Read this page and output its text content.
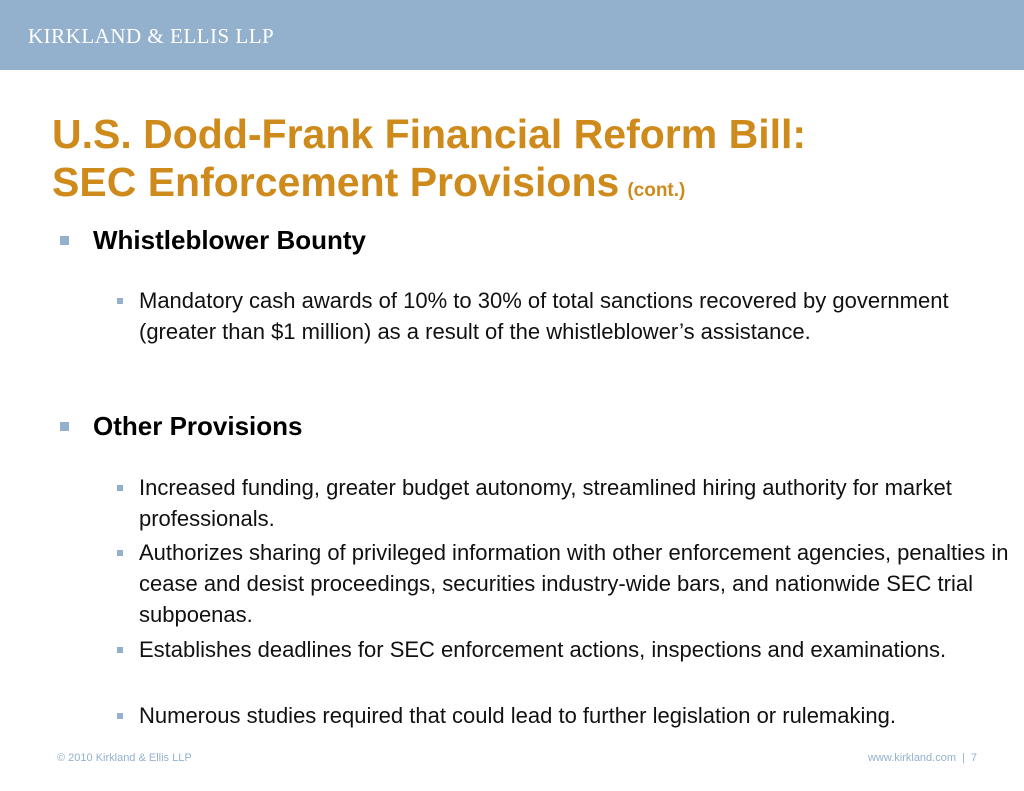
KIRKLAND & ELLIS LLP
U.S. Dodd-Frank Financial Reform Bill:
SEC Enforcement Provisions (cont.)
Whistleblower Bounty
Mandatory cash awards of 10% to 30% of total sanctions recovered by government (greater than $1 million) as a result of the whistleblower’s assistance.
Other Provisions
Increased funding, greater budget autonomy, streamlined hiring authority for market professionals.
Authorizes sharing of privileged information with other enforcement agencies, penalties in cease and desist proceedings, securities industry-wide bars, and nationwide SEC trial subpoenas.
Establishes deadlines for SEC enforcement actions, inspections and examinations.
Numerous studies required that could lead to further legislation or rulemaking.
© 2010 Kirkland & Ellis LLP	www.kirkland.com | 7
